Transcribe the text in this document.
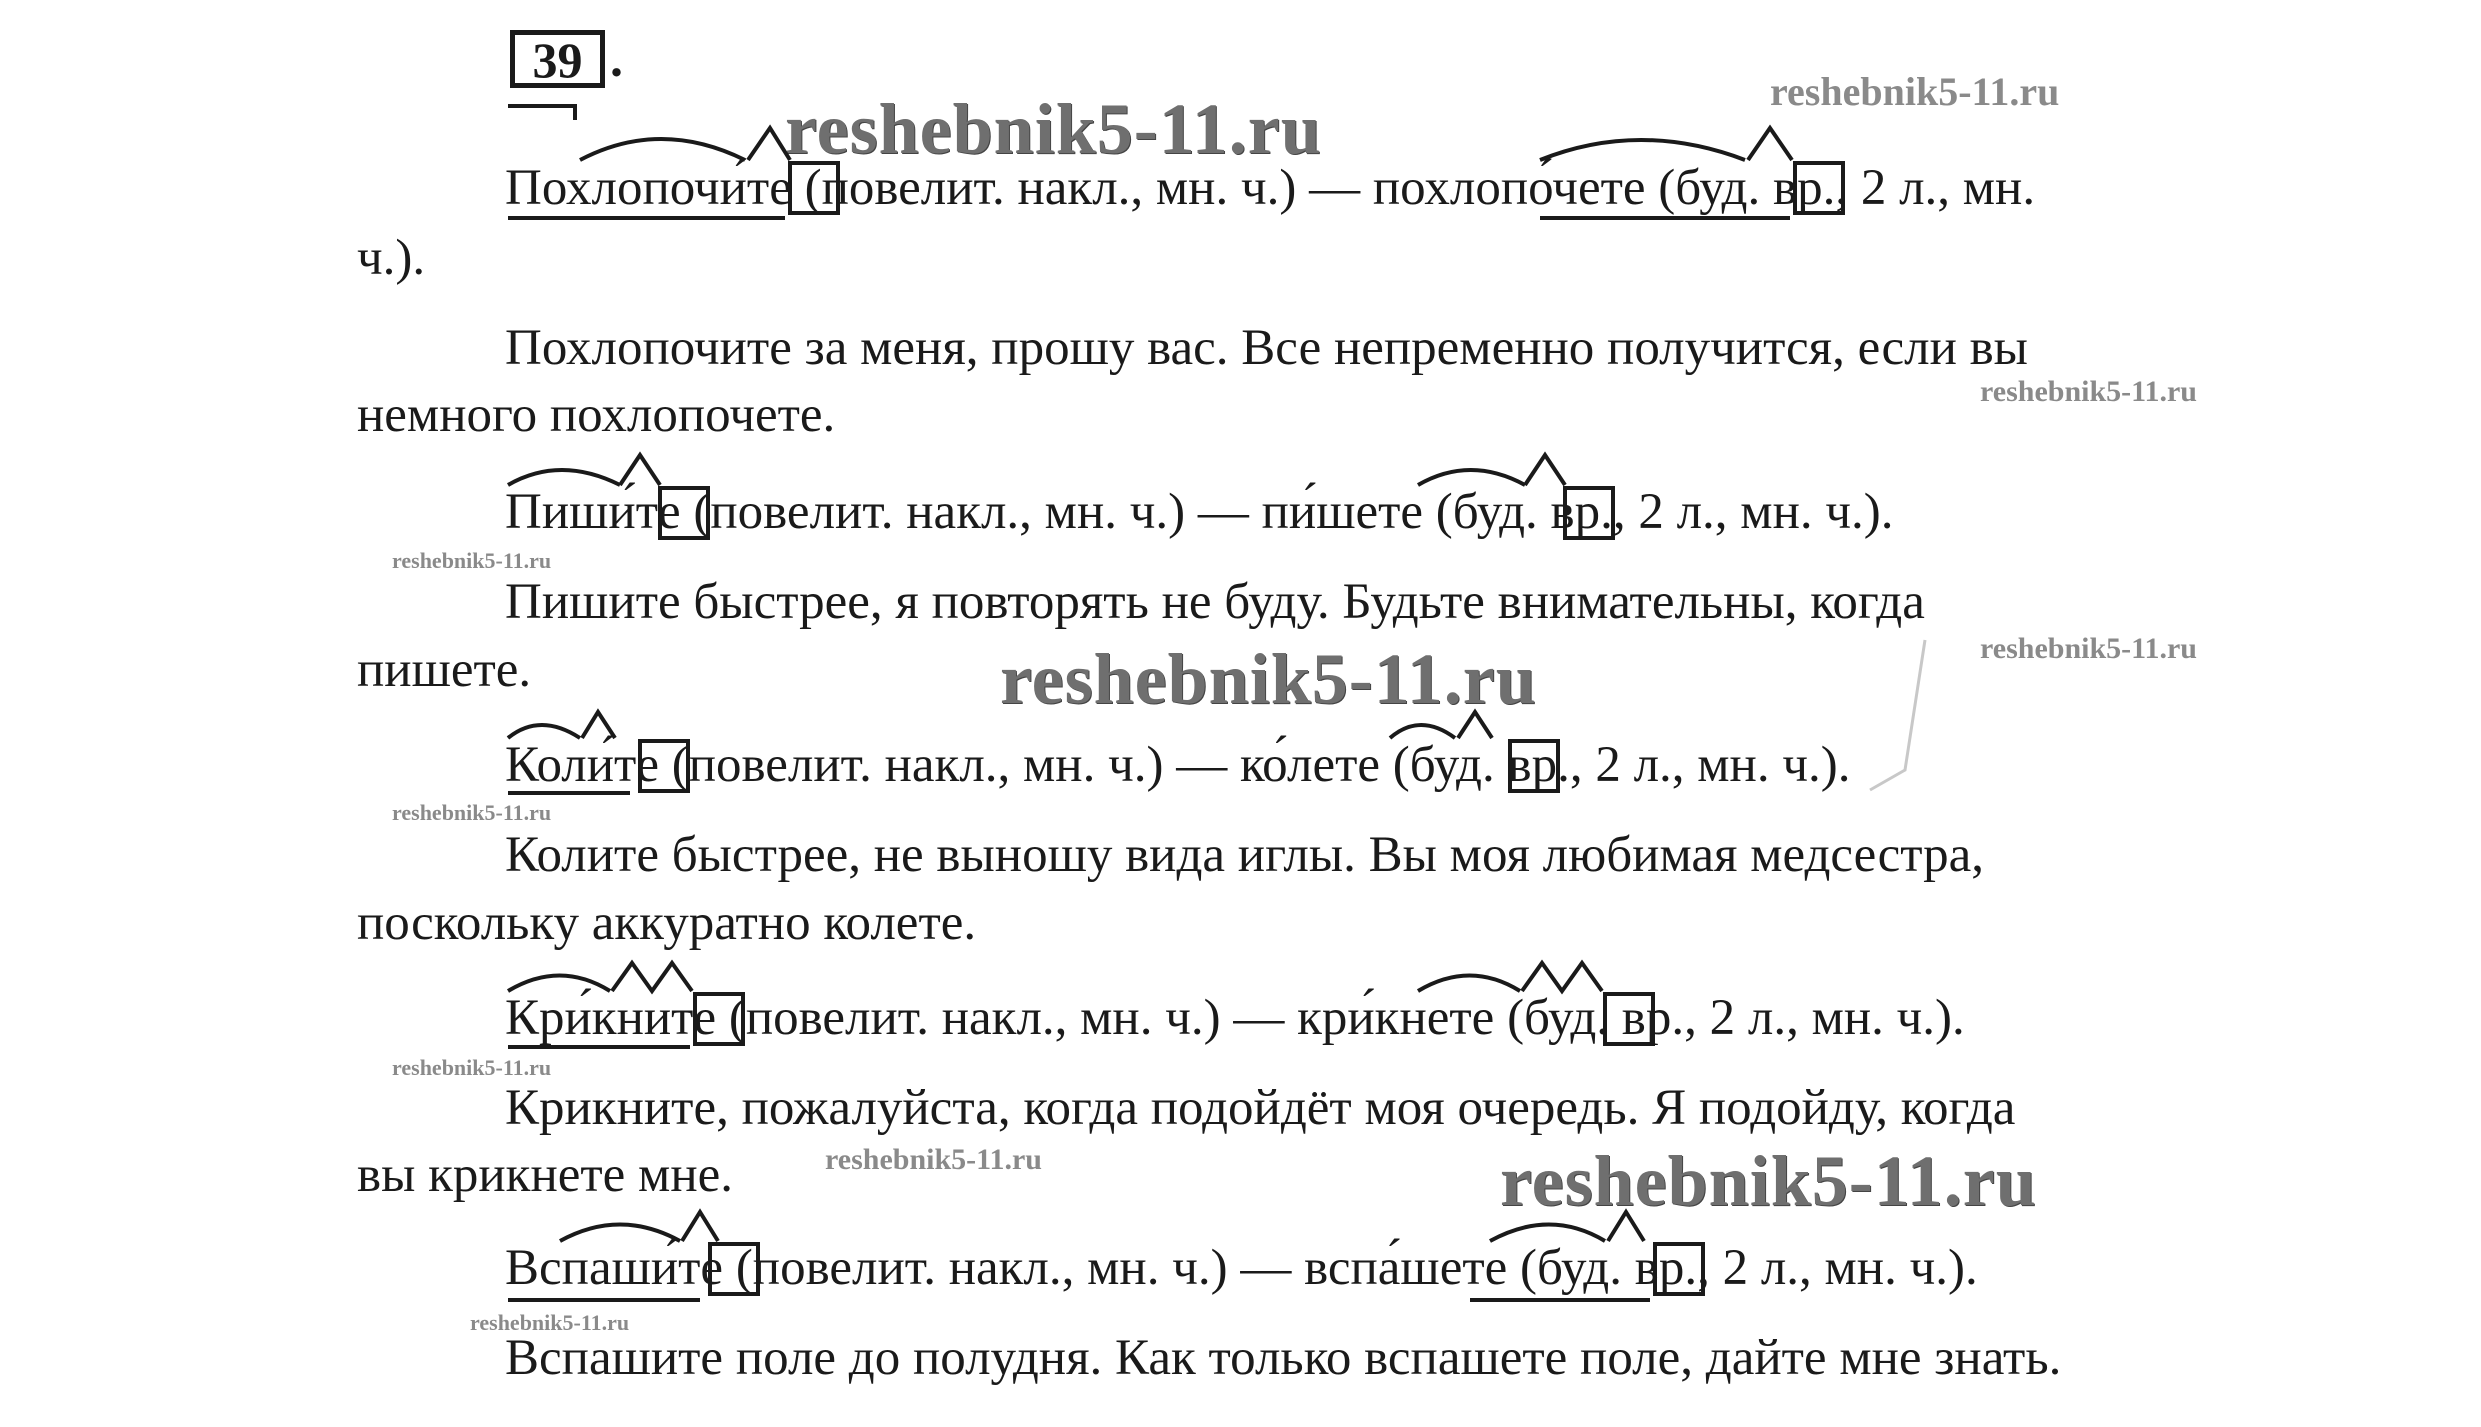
39 .
reshebnik5-11.ru	reshebnik5-11.ru
reshebnik5-11.ru
reshebnik5-11.ru
reshebnik5-11.ru	reshebnik5-11.ru
reshebnik5-11.ru
reshebnik5-11.ru
reshebnik5-11.ru	reshebnik5-11.ru
reshebnik5-11.ru
Похлопочи́те (повелит. накл., мн. ч.) — похлопо́чете (буд. вр., 2 л., мн.
ч.).
Похлопочите за меня, прошу вас. Все непременно получится, если вы
немного похлопочете.
Пиши́те (повелит. накл., мн. ч.) — пи́шете (буд. вр., 2 л., мн. ч.).
Пишите быстрее, я повторять не буду. Будьте внимательны, когда
пишете.
Коли́те (повелит. накл., мн. ч.) — ко́лете (буд. вр., 2 л., мн. ч.).
Колите быстрее, не выношу вида иглы. Вы моя любимая медсестра,
поскольку аккуратно колете.
Кри́кните (повелит. накл., мн. ч.) — кри́кнете (буд. вр., 2 л., мн. ч.).
Крикните, пожалуйста, когда подойдёт моя очередь. Я подойду, когда
вы крикнете мне.
Вспаши́те (повелит. накл., мн. ч.) — вспа́шете (буд. вр., 2 л., мн. ч.).
Вспашите поле до полудня. Как только вспашете поле, дайте мне знать.
